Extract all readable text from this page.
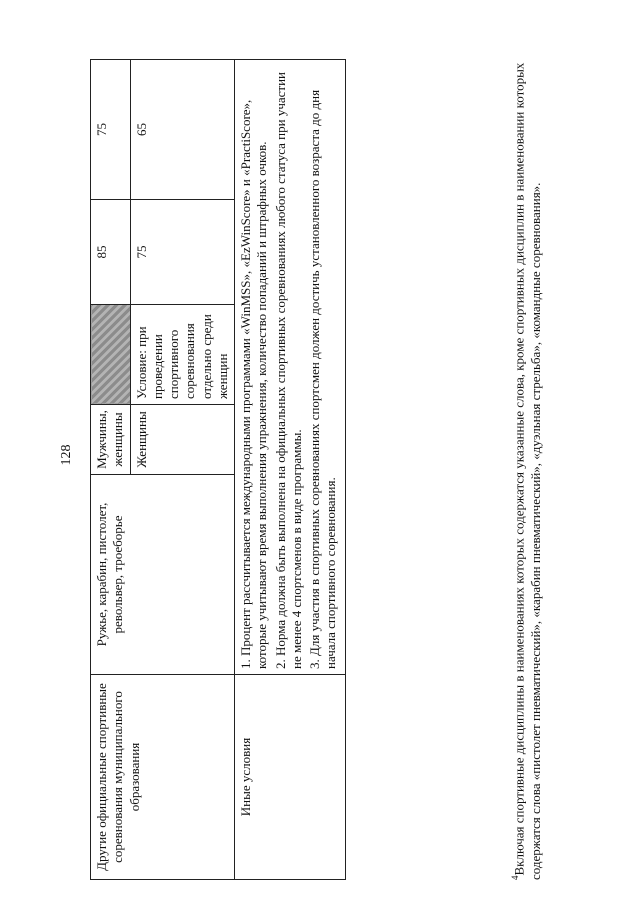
128
Другие официальные спортивные соревнования муниципального образования	Ружье, карабин, пистолет, револьвер, троеборье	Мужчины, женщины		85	75
		Женщины	Условие: при проведении спортивного соревнования отдельно среди женщин	75	65
Иные условия	1. Процент рассчитывается международными программами «WinMSS», «EzWinScore» и «PractiScore», которые учитывают время выполнения упражнения, количество попаданий и штрафных очков. 2. Норма должна быть выполнена на официальных спортивных соревнованиях любого статуса при участии не менее 4 спортсменов в виде программы. 3. Для участия в спортивных соревнованиях спортсмен должен достичь установленного возраста до дня начала спортивного соревнования.				

$^4$Включая спортивные дисциплины в наименованиях которых содержатся указанные слова, кроме спортивных дисциплин в наименовании которых содержатся слова «пистолет пневматический», «карабин пневматический», «дуэльная стрельба», «командные соревнования».
